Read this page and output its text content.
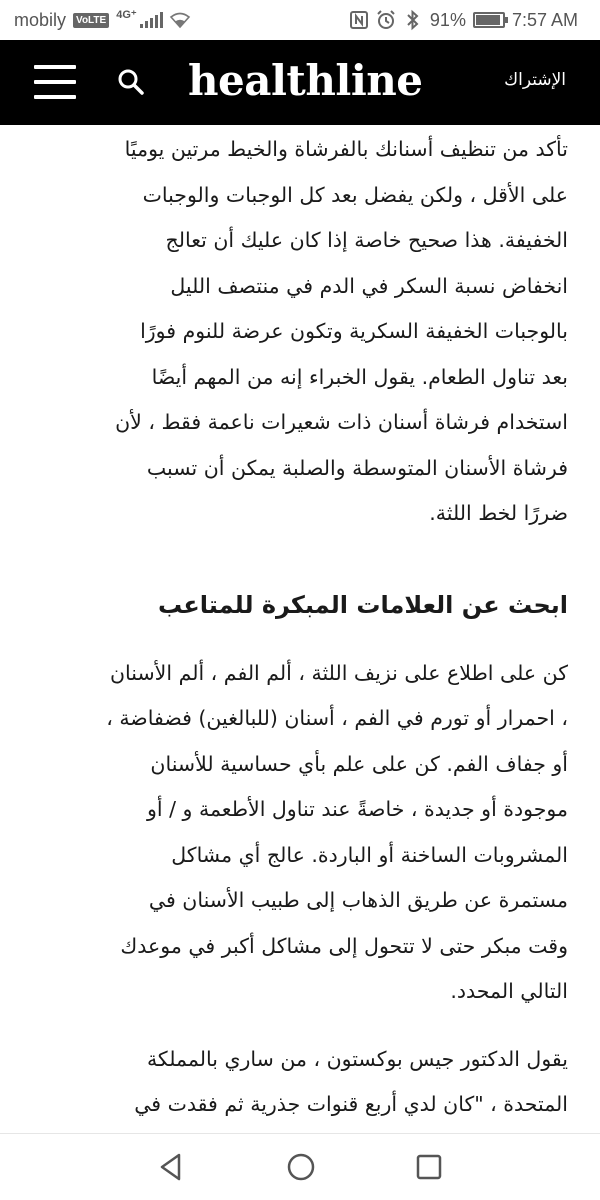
mobily	VoLTE 4G⁺	91%	7:57 AM
healthline	الإشتراك

تأكد من تنظيف أسنانك بالفرشاة والخيط مرتين يوميًا

على الأقل ، ولكن يفضل بعد كل الوجبات والوجبات

الخفيفة. هذا صحيح خاصة إذا كان عليك أن تعالج

انخفاض نسبة السكر في الدم في منتصف الليل

بالوجبات الخفيفة السكرية وتكون عرضة للنوم فورًا

بعد تناول الطعام. يقول الخبراء إنه من المهم أيضًا

استخدام فرشاة أسنان ذات شعيرات ناعمة فقط ، لأن

فرشاة الأسنان المتوسطة والصلبة يمكن أن تسبب

ضررًا لخط اللثة.

ابحث عن العلامات المبكرة للمتاعب

كن على اطلاع على نزيف اللثة ، ألم الفم ، ألم الأسنان

، احمرار أو تورم في الفم ، أسنان (للبالغين) فضفاضة ،

أو جفاف الفم. كن على علم بأي حساسية للأسنان

موجودة أو جديدة ، خاصةً عند تناول الأطعمة و / أو

المشروبات الساخنة أو الباردة. عالج أي مشاكل

مستمرة عن طريق الذهاب إلى طبيب الأسنان في

وقت مبكر حتى لا تتحول إلى مشاكل أكبر في موعدك

التالي المحدد.

يقول الدكتور جيس بوكستون ، من ساري بالمملكة

المتحدة ، "كان لدي أربع قنوات جذرية ثم فقدت في
